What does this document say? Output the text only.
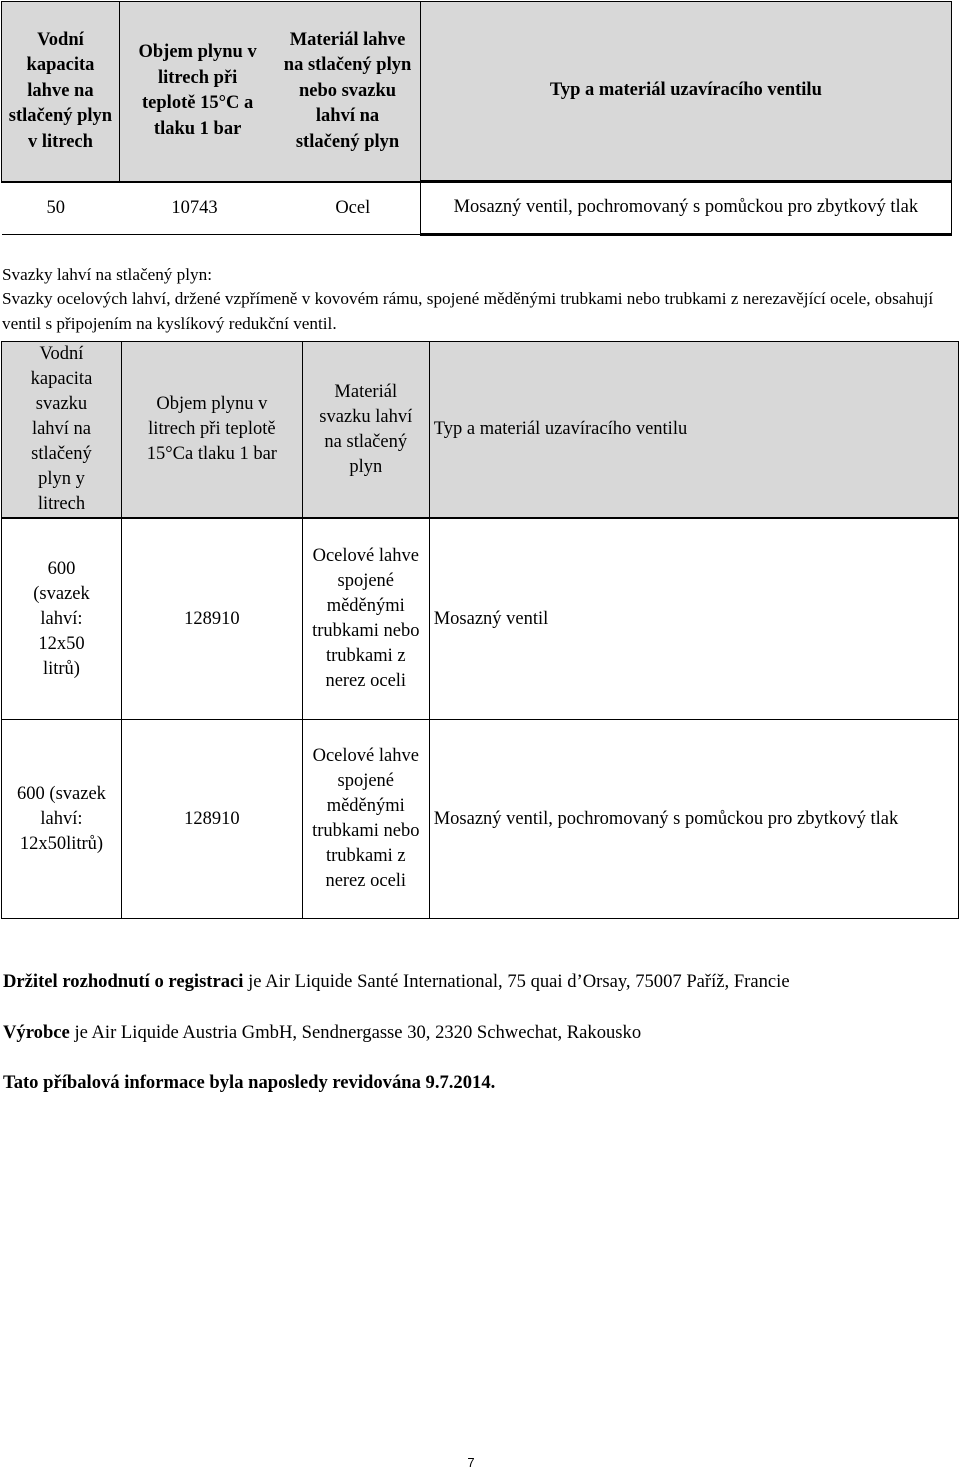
Vodní kapacita lahve na stlačený plyn v litrech	Objem plynu v litrech při teplotě 15°C a tlaku 1 bar	Materiál lahve na stlačený plyn nebo svazku lahví na stlačený plyn	Typ a materiál uzavíracího ventilu
50	10743	Ocel	Mosazný ventil, pochromovaný s pomůckou pro zbytkový tlak
Svazky lahví na stlačený plyn:
Svazky ocelových lahví, držené vzpřímeně v kovovém rámu, spojené měděnými trubkami nebo trubkami z nerezavějící ocele, obsahují ventil s připojením na kyslíkový redukční ventil.
Vodní kapacita svazku lahví na stlačený plyn y litrech	Objem plynu v litrech při teplotě 15°Ca tlaku 1 bar	Materiál svazku lahví na stlačený plyn	Typ a materiál uzavíracího ventilu
600 (svazek lahví: 12x50 litrů)	128910	Ocelové lahve spojené měděnými trubkami nebo trubkami z nerez oceli	Mosazný ventil
600 (svazek lahví: 12x50litrů)	128910	Ocelové lahve spojené měděnými trubkami nebo trubkami z nerez oceli	Mosazný ventil, pochromovaný s pomůckou pro zbytkový tlak
Držitel rozhodnutí o registraci je Air Liquide Santé International, 75 quai d’Orsay, 75007 Paříž, Francie
Výrobce je Air Liquide Austria GmbH, Sendnergasse 30, 2320 Schwechat, Rakousko
Tato příbalová informace byla naposledy revidována 9.7.2014.
7
